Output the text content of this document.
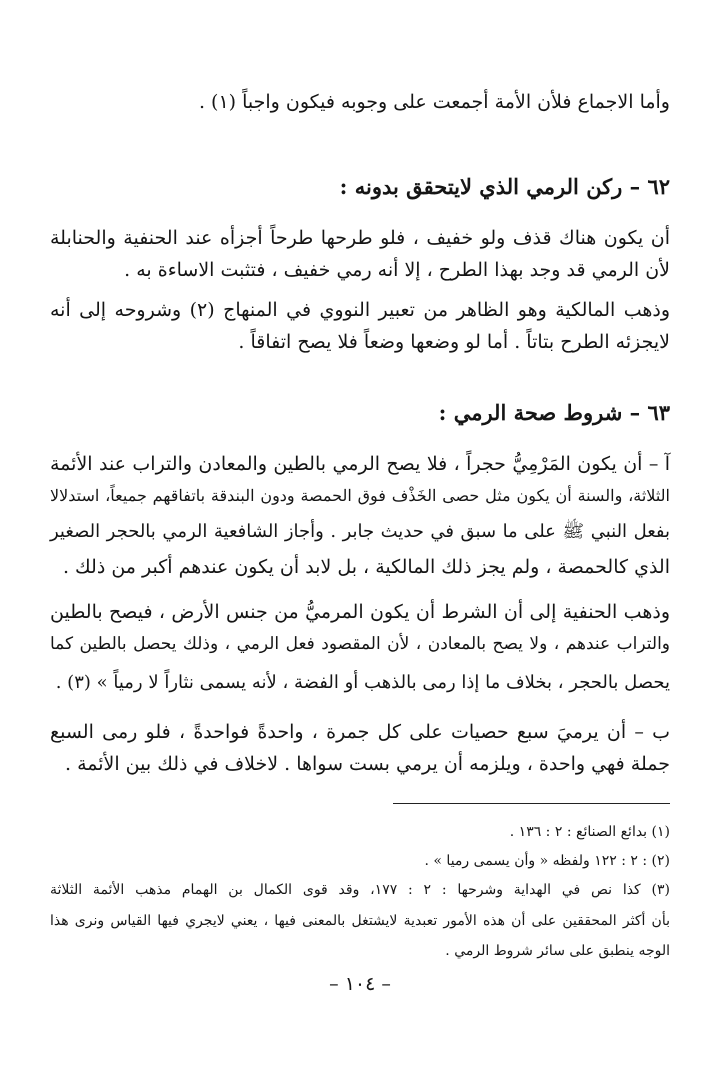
وأما الاجماع فلأن الأمة أجمعت على وجوبه فيكون واجباً (١) .
٦٢ – ركن الرمي الذي لايتحقق بدونه :
أن يكون هناك قذف ولو خفيف ، فلو طرحها طرحاً أجزأه عند الحنفية والحنابلة
لأن الرمي قد وجد بهذا الطرح ، إلا أنه رمي خفيف ، فتثبت الاساءة به .
وذهب المالكية وهو الظاهر من تعبير النووي في المنهاج (٢) وشروحه إلى أنه
لايجزئه الطرح بتاتاً . أما لو وضعها وضعاً فلا يصح اتفاقاً .
٦٣ – شروط صحة الرمي :
آ – أن يكون المَرْمِيُّ حجراً ، فلا يصح الرمي بالطين والمعادن والتراب عند الأئمة
الثلاثة، والسنة أن يكون مثل حصى الخَذْف فوق الحمصة ودون البندقة باتفاقهم جميعاً، استدلالا
بفعل النبي ﷺ على ما سبق في حديث جابر . وأجاز الشافعية الرمي بالحجر الصغير
الذي كالحمصة ، ولم يجز ذلك المالكية ، بل لابد أن يكون عندهم أكبر من ذلك .
وذهب الحنفية إلى أن الشرط أن يكون المرميُّ من جنس الأرض ، فيصح بالطين
والتراب عندهم ، ولا يصح بالمعادن ، لأن المقصود فعل الرمي ، وذلك يحصل بالطين كما
يحصل بالحجر ، بخلاف ما إذا رمى بالذهب أو الفضة ، لأنه يسمى نثاراً لا رمياً » (٣) .
ب – أن يرميَ سبع حصيات على كل جمرة ، واحدةً فواحدةً ، فلو رمى السبع
جملة فهي واحدة ، ويلزمه أن يرمي بست سواها . لاخلاف في ذلك بين الأئمة .
(١) بدائع الصنائع : ٢ : ١٣٦ .
(٢) : ٢ : ١٢٢ ولفظه « وأن يسمى رميا » .
(٣) كذا نص في الهداية وشرحها : ٢ : ١٧٧، وقد قوى الكمال بن الهمام مذهب الأئمة الثلاثة
بأن أكثر المحققين على أن هذه الأمور تعبدية لايشتغل بالمعنى فيها ، يعني لايجري فيها القياس ونرى هذا
الوجه ينطبق على سائر شروط الرمي .
– ١٠٤ –
